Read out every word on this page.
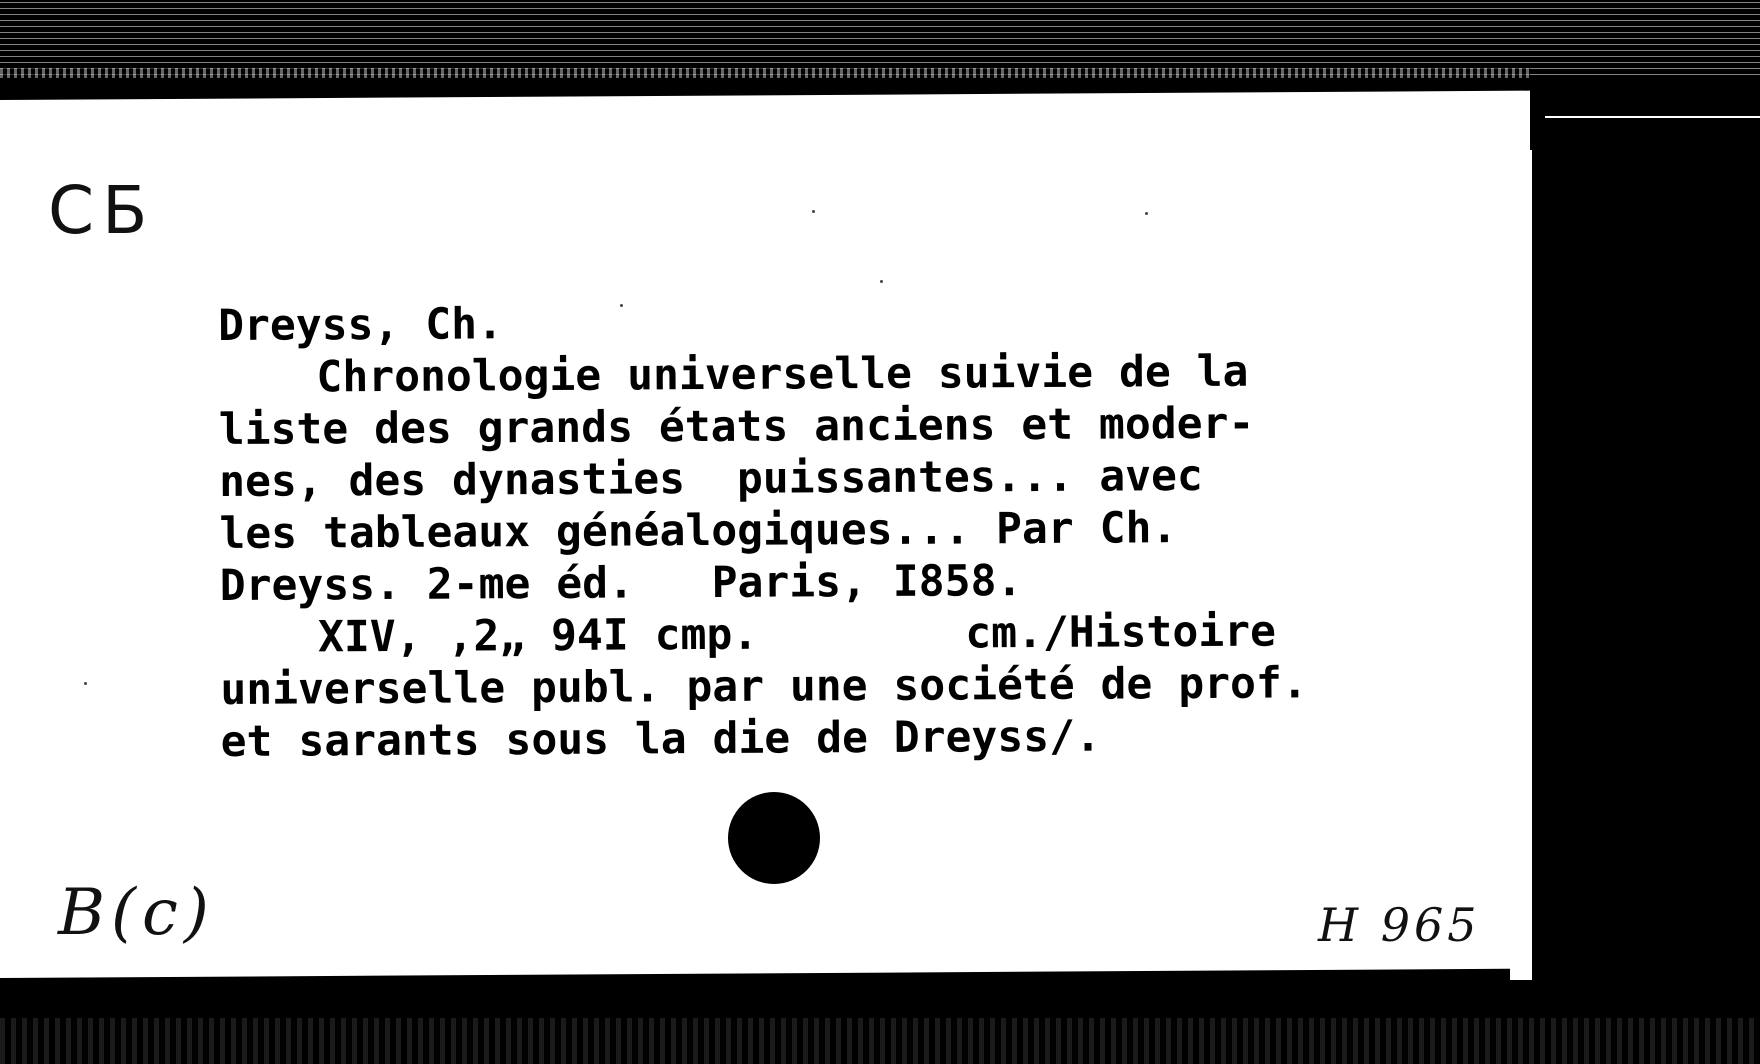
СБ
Dreyss, Ch.
Chronologie universelle suivie de la
liste des grands états anciens et moder-
nes, des dynasties  puissantes... avec
les tableaux généalogiques... Par Ch.
Dreyss. 2-me éd.   Paris, I858.
XIV, ‚2„ 94I cmp.        cm./Histoire
universelle publ. par une société de prof.
et sarants sous la die de Dreyss/.
B(c)	H 965
